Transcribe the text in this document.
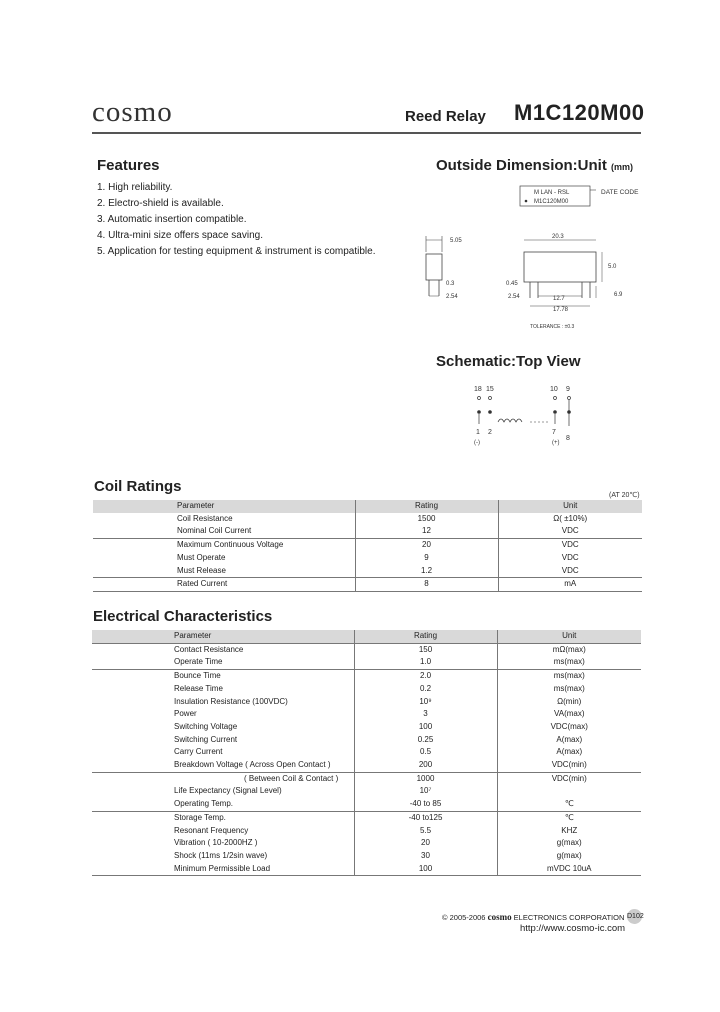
cosmo	Reed Relay M1C120M00
Features
1. High reliability.
2. Electro-shield is available.
3. Automatic insertion compatible.
4. Ultra-mini size offers space saving.
5. Application for testing equipment & instrument is compatible.
Outside Dimension:Unit (mm)
M LAN - RSL
M1C120M00
DATE CODE
5.05
0.3
2.54
20.3
5.0
0.45
2.54	12.7
17.78
6.9
TOLERANCE : ±0.3
Schematic:Top View
18 15	10 9
1 2	7
8
(-)	(+)
Coil Ratings
(AT 20℃)
Parameter	Rating	Unit
Coil Resistance	1500	Ω( ±10%)
Nominal Coil Current	12	VDC
Maximum Continuous Voltage	20	VDC
Must Operate	9	VDC
Must Release	1.2	VDC
Rated Current	8	mA
Electrical Characteristics
Parameter	Rating	Unit
Contact Resistance	150	mΩ(max)
Operate Time	1.0	ms(max)
Bounce Time	2.0	ms(max)
Release Time	0.2	ms(max)
Insulation Resistance (100VDC)	10⁹	Ω(min)
Power	3	VA(max)
Switching Voltage	100	VDC(max)
Switching Current	0.25	A(max)
Carry Current	0.5	A(max)
Breakdown Voltage ( Across Open Contact )	200	VDC(min)
( Between Coil & Contact )	1000	VDC(min)
Life Expectancy (Signal Level)	10⁷	
Operating Temp.	-40 to 85	℃
Storage Temp.	-40 to125	℃
Resonant Frequency	5.5	KHZ
Vibration ( 10-2000HZ )	20	g(max)
Shock (11ms 1/2sin wave)	30	g(max)
Minimum Permissible Load	100	mVDC 10uA
© 2005-2006 cosmo ELECTRONICS CORPORATION D102
http://www.cosmo-ic.com
